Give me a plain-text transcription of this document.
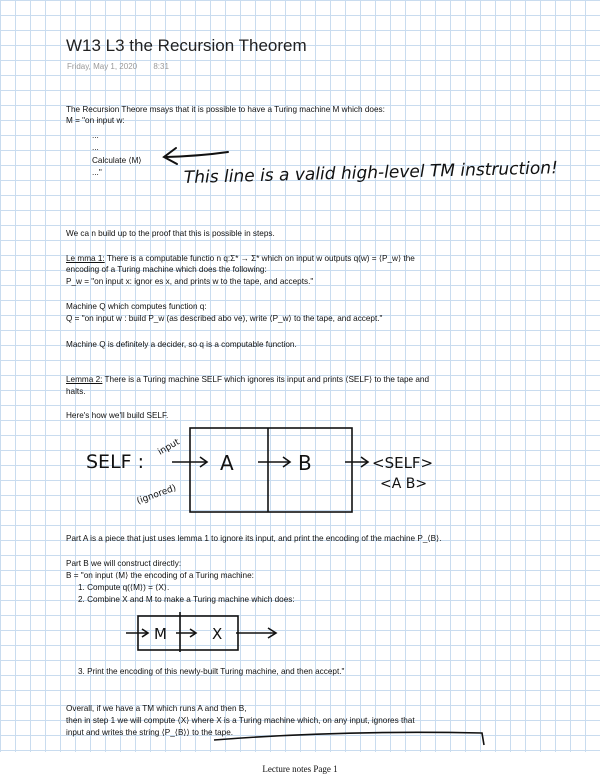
W13 L3 the Recursion Theorem
Friday, May 1, 2020 8:31
The Recursion Theore msays that it is possible to have a Turing machine M which does:
M = "on input w:
...
...
Calculate ⟨M⟩
..."
We ca n build up to the proof that this is possible in steps.
Le mma 1: There is a computable functio n q:Σ* → Σ* which on input w outputs q(w) = ⟨P_w⟩ the
encoding of a Turing machine which does the following:
P_w = "on input x: ignor es x, and prints w to the tape, and accepts."
Machine Q which computes function q:
Q = "on input w : build P_w (as described abo ve), write ⟨P_w⟩ to the tape, and accept."
Machine Q is definitely a decider, so q is a computable function.
Lemma 2: There is a Turing machine SELF which ignores its input and prints ⟨SELF⟩ to the tape and
halts.
Here's how we'll build SELF.
Part A is a piece that just uses lemma 1 to ignore its input, and print the encoding of the machine P_⟨B⟩.
Part B we will construct directly:
B = "on input ⟨M⟩ the encoding of a Turing machine:
1. Compute q(⟨M⟩) = ⟨X⟩.
2. Combine X and M to make a Turing machine which does:
3. Print the encoding of this newly-built Turing machine, and then accept."
Overall, if we have a TM which runs A and then B,
then in step 1 we will compute ⟨X⟩ where X is a Turing machine which, on any input, ignores that
input and writes the string ⟨P_⟨B⟩⟩ to the tape.
This line is a valid high-level TM instruction!
SELF :
input
(ignored)
A	B	<SELF>
<A B>
M	X
Lecture notes Page 1
